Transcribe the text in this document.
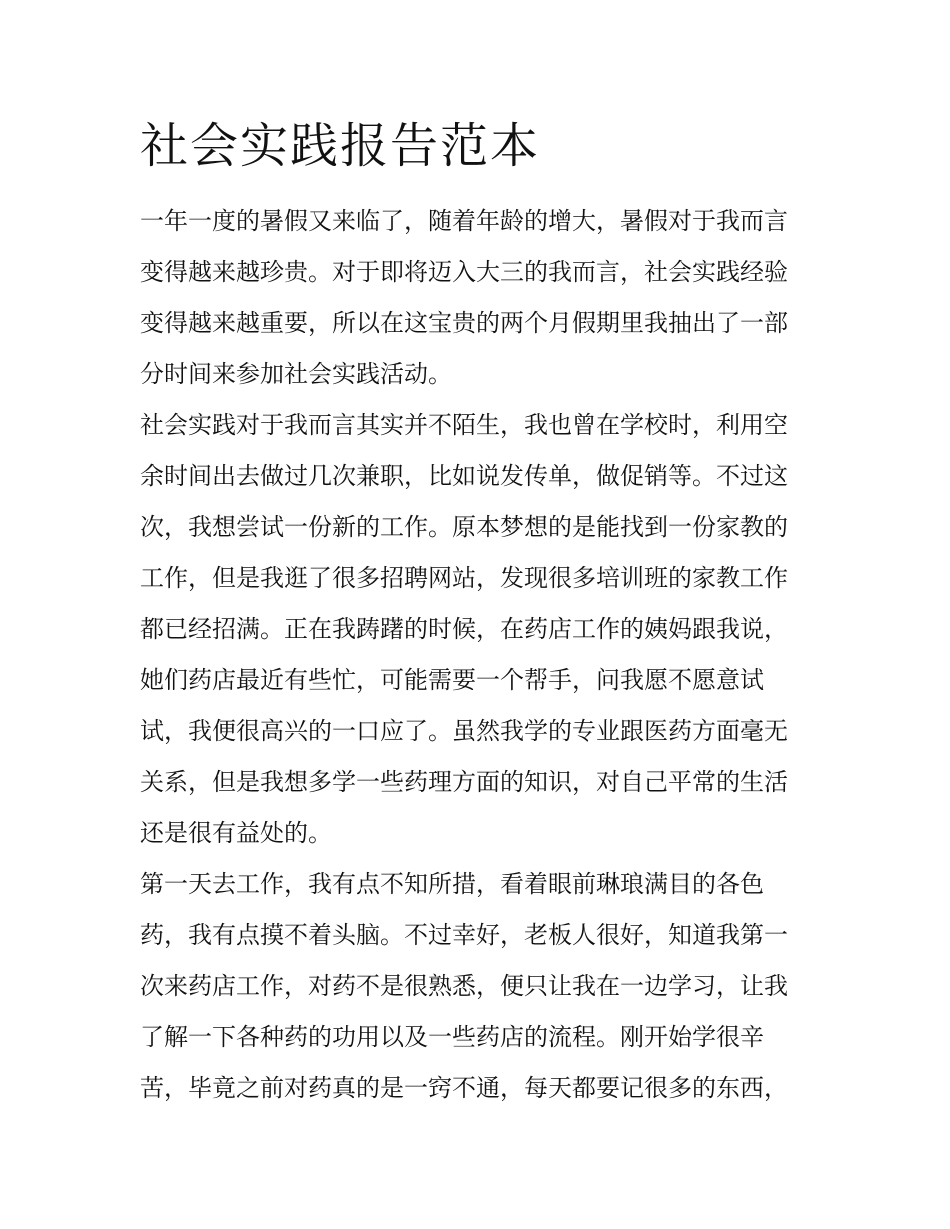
社会实践报告范本
一年一度的暑假又来临了，随着年龄的增大，暑假对于我而言
变得越来越珍贵。对于即将迈入大三的我而言，社会实践经验
变得越来越重要，所以在这宝贵的两个月假期里我抽出了一部
分时间来参加社会实践活动。
社会实践对于我而言其实并不陌生，我也曾在学校时，利用空
余时间出去做过几次兼职，比如说发传单，做促销等。不过这
次，我想尝试一份新的工作。原本梦想的是能找到一份家教的
工作，但是我逛了很多招聘网站，发现很多培训班的家教工作
都已经招满。正在我踌躇的时候，在药店工作的姨妈跟我说，
她们药店最近有些忙，可能需要一个帮手，问我愿不愿意试
试，我便很高兴的一口应了。虽然我学的专业跟医药方面毫无
关系，但是我想多学一些药理方面的知识，对自己平常的生活
还是很有益处的。
第一天去工作，我有点不知所措，看着眼前琳琅满目的各色
药，我有点摸不着头脑。不过幸好，老板人很好，知道我第一
次来药店工作，对药不是很熟悉，便只让我在一边学习，让我
了解一下各种药的功用以及一些药店的流程。刚开始学很辛
苦，毕竟之前对药真的是一窍不通，每天都要记很多的东西，
